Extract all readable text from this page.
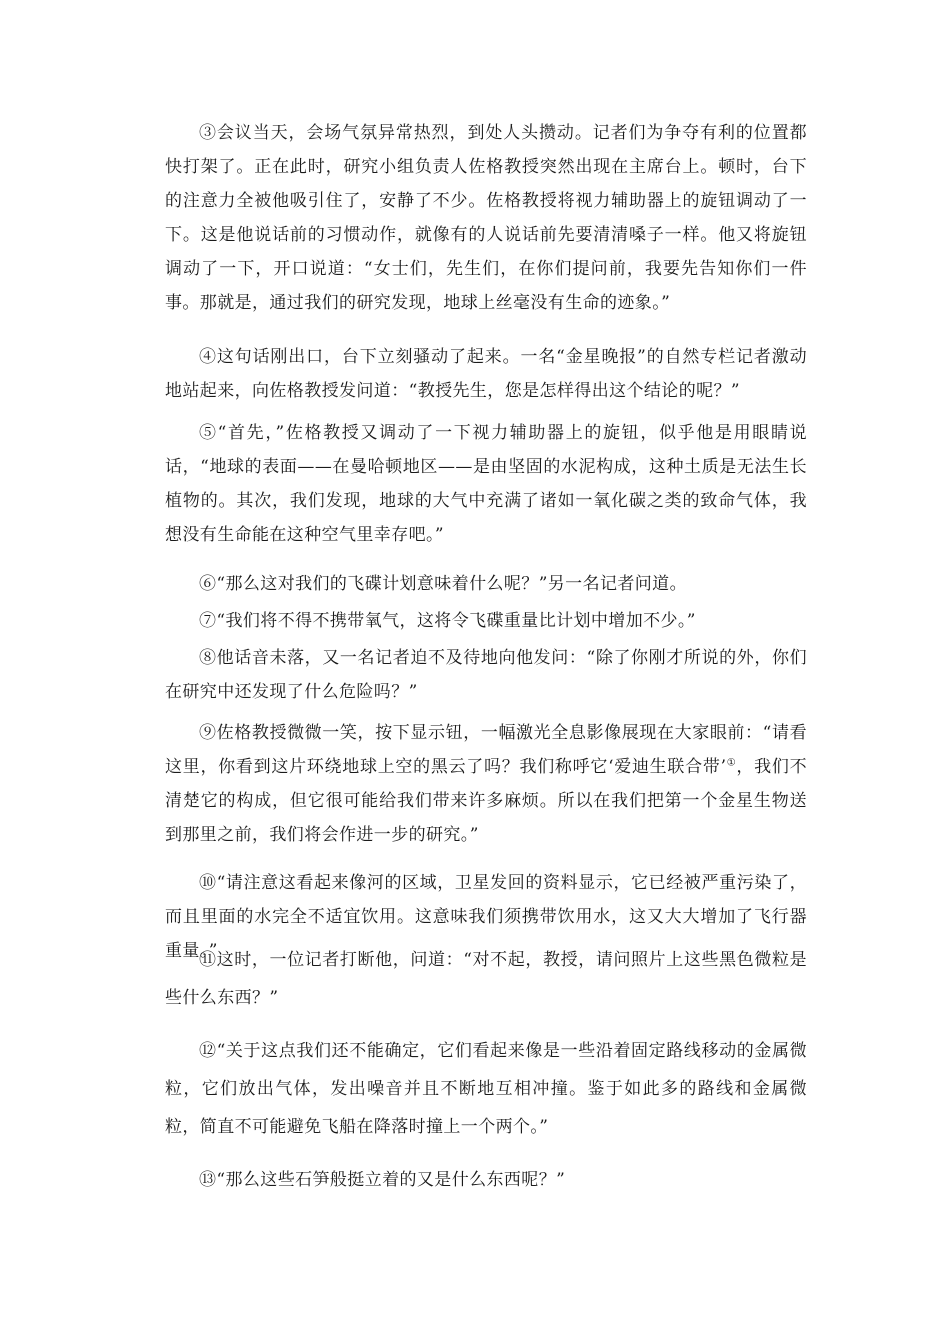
③会议当天，会场气氛异常热烈，到处人头攒动。记者们为争夺有利的位置都快打架了。正在此时，研究小组负责人佐格教授突然出现在主席台上。顿时，台下的注意力全被他吸引住了，安静了不少。佐格教授将视力辅助器上的旋钮调动了一下。这是他说话前的习惯动作，就像有的人说话前先要清清嗓子一样。他又将旋钮调动了一下，开口说道：“女士们，先生们，在你们提问前，我要先告知你们一件事。那就是，通过我们的研究发现，地球上丝毫没有生命的迹象。”

④这句话刚出口，台下立刻骚动了起来。一名“金星晚报”的自然专栏记者激动地站起来，向佐格教授发问道：“教授先生，您是怎样得出这个结论的呢？”

⑤“首先，”佐格教授又调动了一下视力辅助器上的旋钮，似乎他是用眼睛说话，“地球的表面——在曼哈顿地区——是由坚固的水泥构成，这种土质是无法生长植物的。其次，我们发现，地球的大气中充满了诸如一氧化碳之类的致命气体，我想没有生命能在这种空气里幸存吧。”

⑥“那么这对我们的飞碟计划意味着什么呢？”另一名记者问道。

⑦“我们将不得不携带氧气，这将令飞碟重量比计划中增加不少。”

⑧他话音未落，又一名记者迫不及待地向他发问：“除了你刚才所说的外，你们在研究中还发现了什么危险吗？”

⑨佐格教授微微一笑，按下显示钮，一幅激光全息影像展现在大家眼前：“请看这里，你看到这片环绕地球上空的黑云了吗？我们称呼它‘爱迪生联合带’①，我们不清楚它的构成，但它很可能给我们带来许多麻烦。所以在我们把第一个金星生物送到那里之前，我们将会作进一步的研究。”

⑩“请注意这看起来像河的区域，卫星发回的资料显示，它已经被严重污染了，而且里面的水完全不适宜饮用。这意味我们须携带饮用水，这又大大增加了飞行器重量。”

⑪这时，一位记者打断他，问道：“对不起，教授，请问照片上这些黑色微粒是些什么东西？”

⑫“关于这点我们还不能确定，它们看起来像是一些沿着固定路线移动的金属微粒，它们放出气体，发出噪音并且不断地互相冲撞。鉴于如此多的路线和金属微粒，简直不可能避免飞船在降落时撞上一个两个。”

⑬“那么这些石笋般挺立着的又是什么东西呢？”
